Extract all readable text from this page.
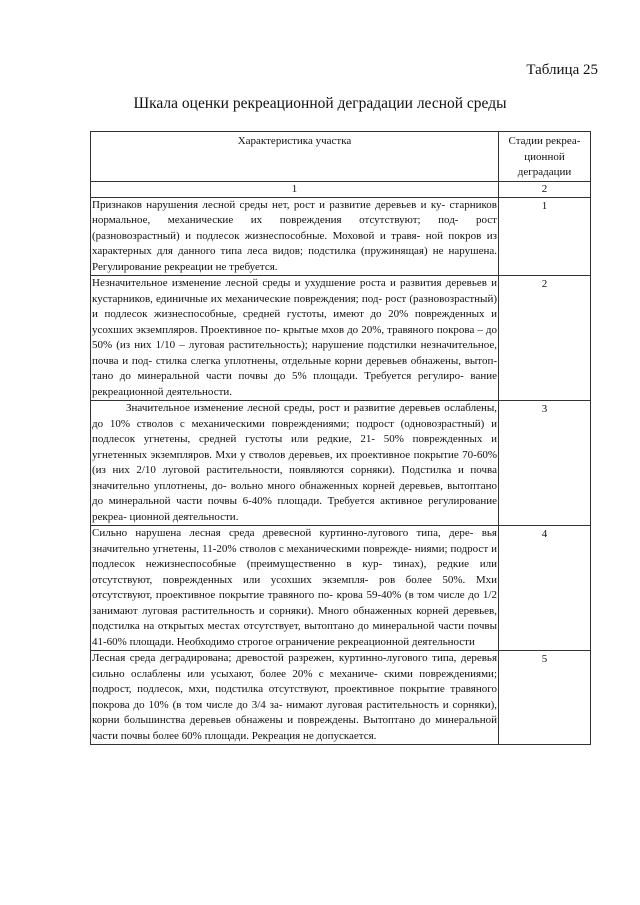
Таблица 25
Шкала оценки рекреационной деградации лесной среды
Характеристика участка	Стадии рекреа- ционной деградации
1	2
Признаков нарушения лесной среды нет, рост и развитие деревьев и ку- старников нормальное, механические их повреждения отсутствуют; под- рост (разновозрастный) и подлесок жизнеспособные. Моховой и травя- ной покров из характерных для данного типа леса видов; подстилка (пружинящая) не нарушена. Регулирование рекреации не требуется.	1
Незначительное изменение лесной среды и ухудшение роста и развития деревьев и кустарников, единичные их механические повреждения; под- рост (разновозрастный) и подлесок жизнеспособные, средней густоты, имеют до 20% поврежденных и усохших экземпляров. Проективное по- крытые мхов до 20%, травяного покрова – до 50% (из них 1/10 – луговая растительность); нарушение подстилки незначительное, почва и под- стилка слегка уплотнены, отдельные корни деревьев обнажены, вытоп- тано до минеральной части почвы до 5% площади. Требуется регулиро- вание рекреационной деятельности.	2
Значительное изменение лесной среды, рост и развитие деревьев ослаблены, до 10% стволов с механическими повреждениями; подрост (одновозрастный) и подлесок угнетены, средней густоты или редкие, 21- 50% поврежденных и угнетенных экземпляров. Мхи у стволов деревьев, их проективное покрытие 70-60% (из них 2/10 луговой растительности, появляются сорняки). Подстилка и почва значительно уплотнены, до- вольно много обнаженных корней деревьев, вытоптано до минеральной части почвы 6-40% площади. Требуется активное регулирование рекреа- ционной деятельности.	3
Сильно нарушена лесная среда древесной куртинно-лугового типа, дере- вья значительно угнетены, 11-20% стволов с механическими поврежде- ниями; подрост и подлесок нежизнеспособные (преимущественно в кур- тинах), редкие или отсутствуют, поврежденных или усохших экземпля- ров более 50%. Мхи отсутствуют, проективное покрытие травяного по- крова 59-40% (в том числе до 1/2 занимают луговая растительность и сорняки). Много обнаженных корней деревьев, подстилка на открытых местах отсутствует, вытоптано до минеральной части почвы 41-60% площади. Необходимо строгое ограничение рекреационной деятельности	4
Лесная среда деградирована; древостой разрежен, куртинно-лугового типа, деревья сильно ослаблены или усыхают, более 20% с механиче- скими повреждениями; подрост, подлесок, мхи, подстилка отсутствуют, проективное покрытие травяного покрова до 10% (в том числе до 3/4 за- нимают луговая растительность и сорняки), корни большинства деревьев обнажены и повреждены. Вытоптано до минеральной части почвы более 60% площади. Рекреация не допускается.	5
